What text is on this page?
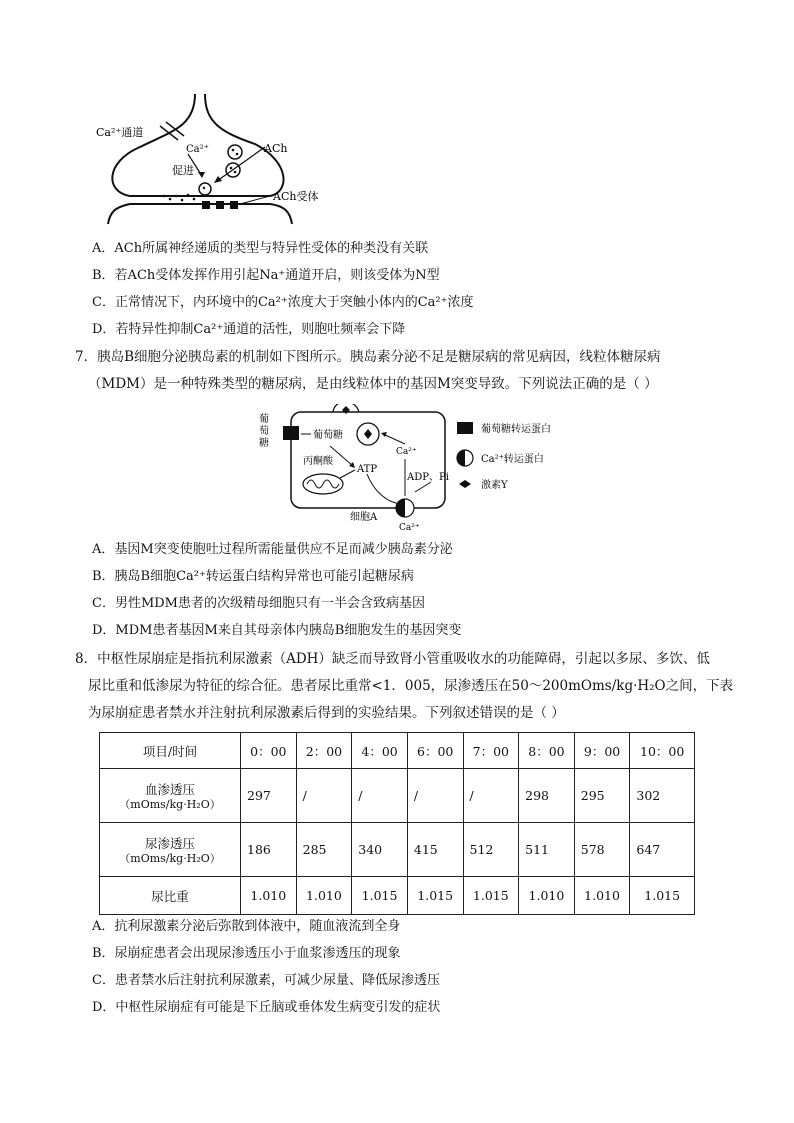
Ca²⁺通道
Ca²⁺	ACh
促进
ACh受体
A．ACh所属神经递质的类型与特异性受体的种类没有关联
B．若ACh受体发挥作用引起Na⁺通道开启，则该受体为N型
C．正常情况下，内环境中的Ca²⁺浓度大于突触小体内的Ca²⁺浓度
D．若特异性抑制Ca²⁺通道的活性，则胞吐频率会下降
7．胰岛B细胞分泌胰岛素的机制如下图所示。胰岛素分泌不足是糖尿病的常见病因，线粒体糖尿病
（MDM）是一种特殊类型的糖尿病，是由线粒体中的基因M突变导致。下列说法正确的是（ ）
葡
萄
糖
葡萄糖
丙酮酸
ATP
ADP、Pi
Ca²⁺
Ca²⁺
细胞A
葡萄糖转运蛋白
Ca²⁺转运蛋白
激素Y
A．基因M突变使胞吐过程所需能量供应不足而减少胰岛素分泌
B．胰岛B细胞Ca²⁺转运蛋白结构异常也可能引起糖尿病
C．男性MDM患者的次级精母细胞只有一半会含致病基因
D．MDM患者基因M来自其母亲体内胰岛B细胞发生的基因突变
8．中枢性尿崩症是指抗利尿激素（ADH）缺乏而导致肾小管重吸收水的功能障碍，引起以多尿、多饮、低
尿比重和低渗尿为特征的综合征。患者尿比重常<1．005，尿渗透压在50～200mOms/kg·H₂O之间，下表
为尿崩症患者禁水并注射抗利尿激素后得到的实验结果。下列叙述错误的是（ ）
项目/时间	0：00	2：00	4：00	6：00	7：00	8：00	9：00	10：00
血渗透压
（mOms/kg·H₂O）	297	/	/	/	/	298	295	302
尿渗透压
（mOms/kg·H₂O）	186	285	340	415	512	511	578	647
尿比重	1.010	1.010	1.015	1.015	1.015	1.010	1.010	1.015
A．抗利尿激素分泌后弥散到体液中，随血液流到全身
B．尿崩症患者会出现尿渗透压小于血浆渗透压的现象
C．患者禁水后注射抗利尿激素，可减少尿量、降低尿渗透压
D．中枢性尿崩症有可能是下丘脑或垂体发生病变引发的症状
